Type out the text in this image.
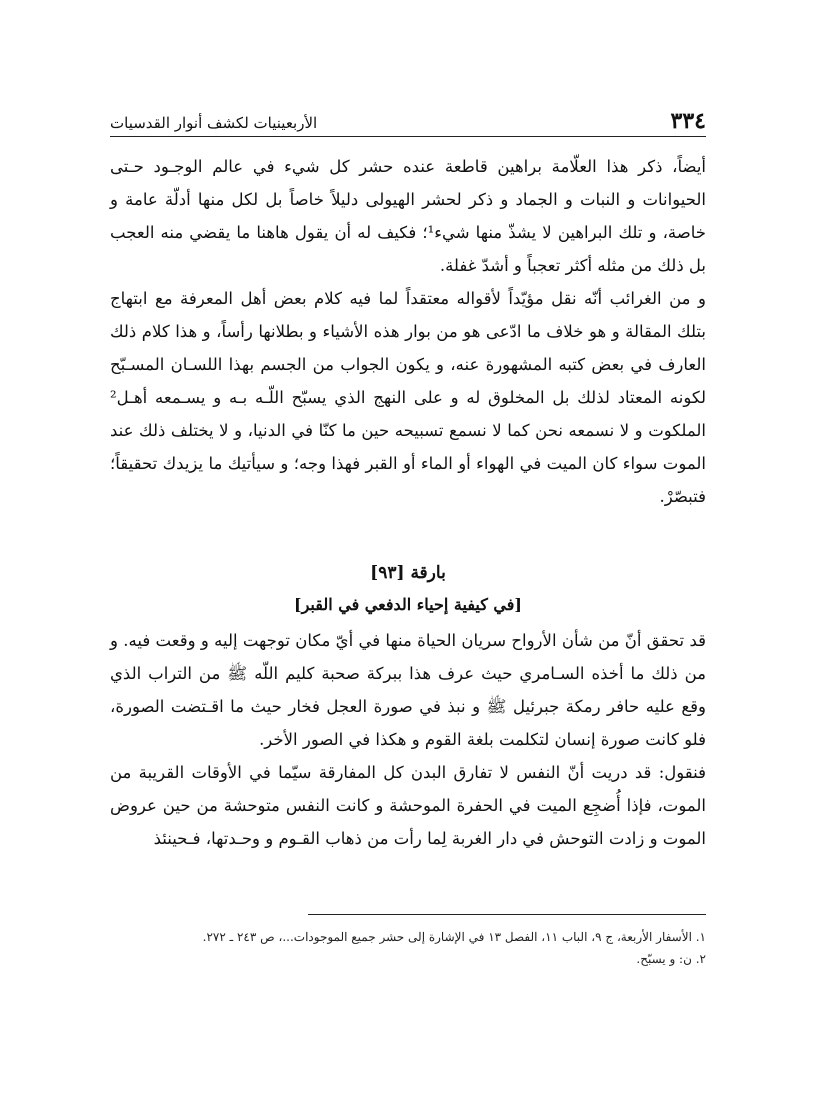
٣٣٤
الأربعينيات لكشف أنوار القدسيات

أيضاً، ذكر هذا العلّامة براهين قاطعة عنده حشر كل شيء في عالم الوجـود حـتى الحيوانات و النبات و الجماد و ذكر لحشر الهيولى دليلاً خاصاً بل لكل منها أدلّة عامة و خاصة، و تلك البراهين لا يشذّ منها شيء¹؛ فكيف له أن يقول هاهنا ما يقضي منه العجب بل ذلك من مثله أكثر تعجباً و أشدّ غفلة.

و من الغرائب أنّه نقل مؤيّداً لأقواله معتقداً لما فيه كلام بعض أهل المعرفة مع ابتهاج بتلك المقالة و هو خلاف ما ادّعى هو من بوار هذه الأشياء و بطلانها رأساً، و هذا كلام ذلك العارف في بعض كتبه المشهورة عنه، و يكون الجواب من الجسم بهذا اللسـان المسـبّح لكونه المعتاد لذلك بل المخلوق له و على النهج الذي يسبّح اللّـه بـه و يسـمعه أهـل² الملكوت و لا نسمعه نحن كما لا نسمع تسبيحه حين ما كنّا في الدنيا، و لا يختلف ذلك عند الموت سواء كان الميت في الهواء أو الماء أو القبر فهذا وجه؛ و سيأتيك ما يزيدك تحقيقاً؛ فتبصّرْ.

بارقة [٩٣]
[في كيفية إحياء الدفعي في القبر]

قد تحقق أنّ من شأن الأرواح سريان الحياة منها في أيّ مكان توجهت إليه و وقعت فيه. و من ذلك ما أخذه السـامري حيث عرف هذا ببركة صحبة كليم اللّه ﷺ من التراب الذي وقع عليه حافر رمكة جبرئيل ﷺ و نبذ في صورة العجل فخار حيث ما اقـتضت الصورة، فلو كانت صورة إنسان لتكلمت بلغة القوم و هكذا في الصور الأخر.

فنقول: قد دريت أنّ النفس لا تفارق البدن كل المفارقة سيّما في الأوقات القريبة من الموت، فإذا أُضجِع الميت في الحفرة الموحشة و كانت النفس متوحشة من حين عروض الموت و زادت التوحش في دار الغربة لِما رأت من ذهاب القـوم و وحـدتها، فـحينئذ

١. الأسفار الأربعة، ج ٩، الباب ١١، الفصل ١٣ في الإشارة إلى حشر جميع الموجودات...، ص ٢٤٣ ـ ٢٧٢.
٢. ن: و يسبّح.
